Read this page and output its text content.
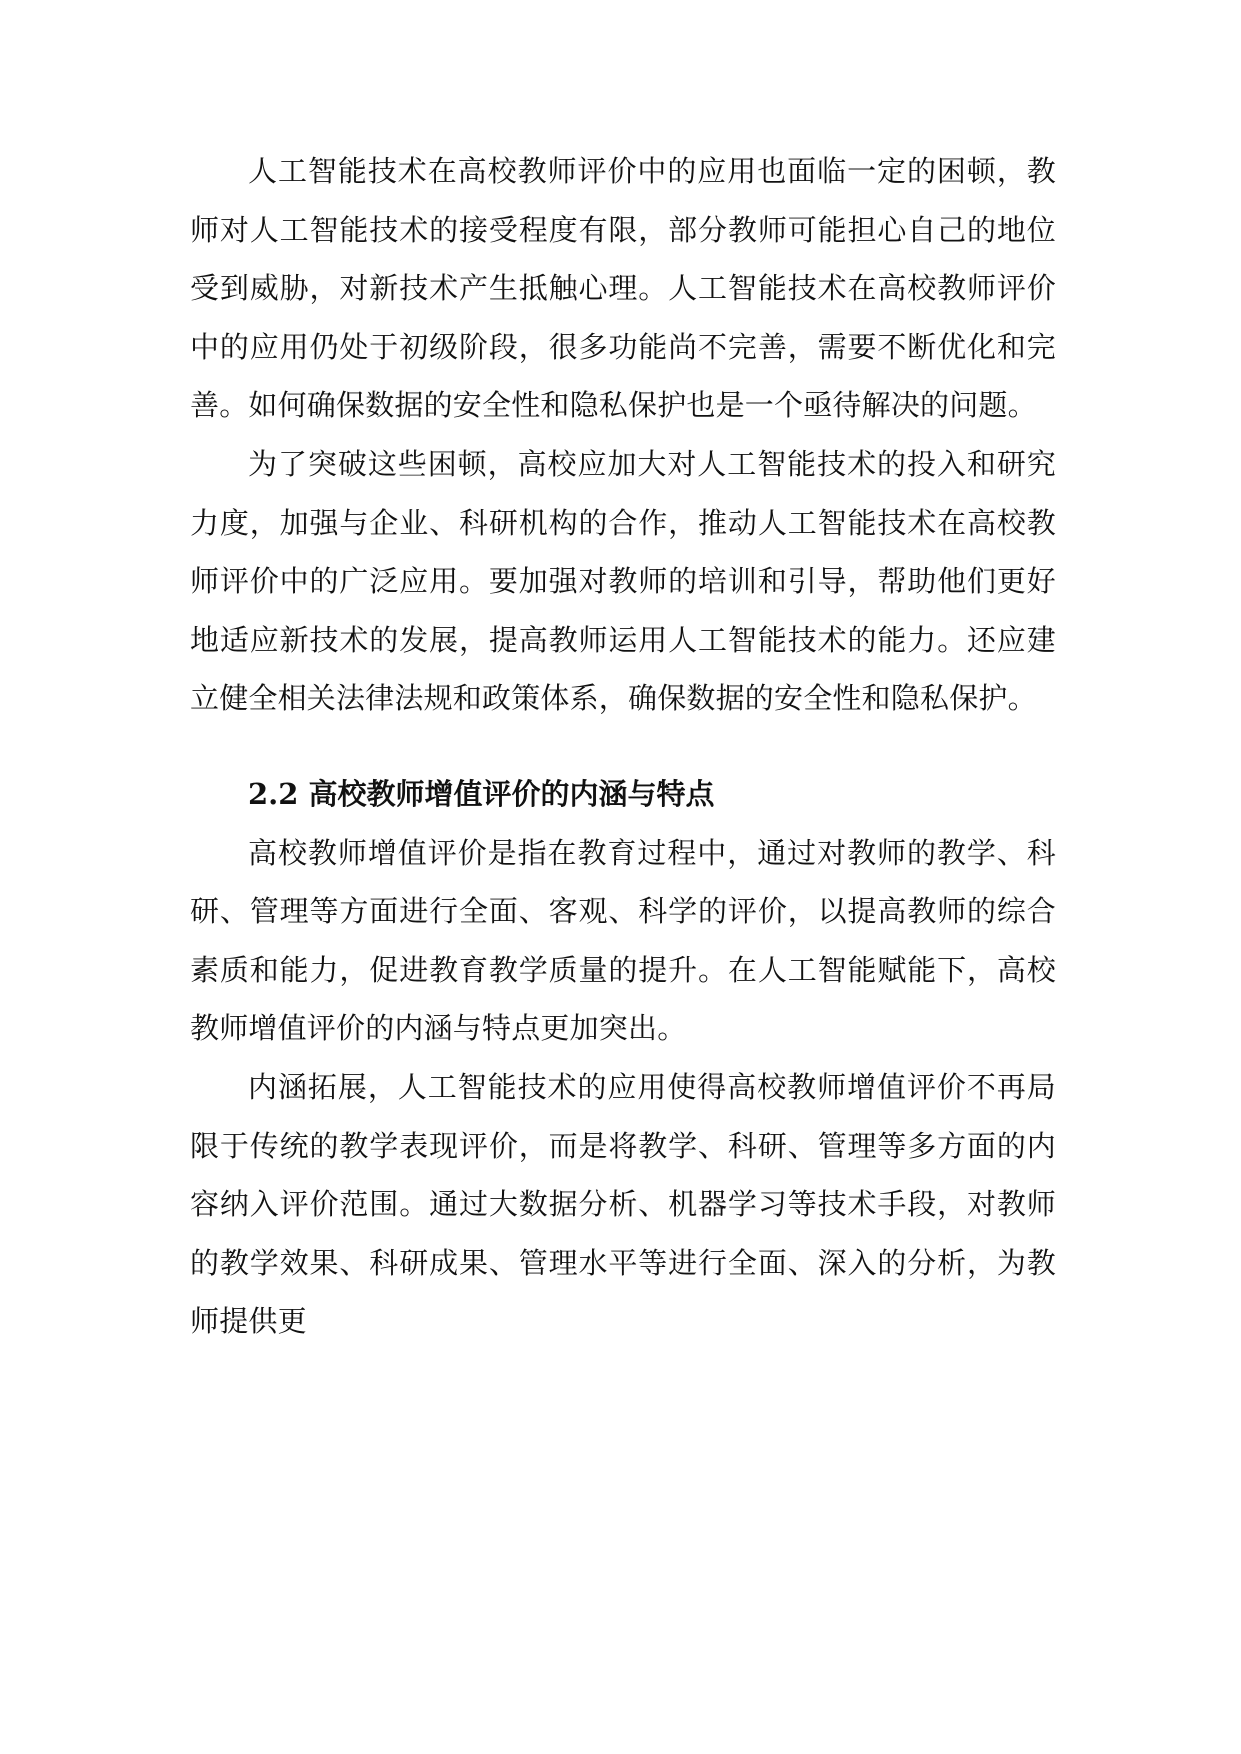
人工智能技术在高校教师评价中的应用也面临一定的困顿，教师对人工智能技术的接受程度有限，部分教师可能担心自己的地位受到威胁，对新技术产生抵触心理。人工智能技术在高校教师评价中的应用仍处于初级阶段，很多功能尚不完善，需要不断优化和完善。如何确保数据的安全性和隐私保护也是一个亟待解决的问题。

为了突破这些困顿，高校应加大对人工智能技术的投入和研究力度，加强与企业、科研机构的合作，推动人工智能技术在高校教师评价中的广泛应用。要加强对教师的培训和引导，帮助他们更好地适应新技术的发展，提高教师运用人工智能技术的能力。还应建立健全相关法律法规和政策体系，确保数据的安全性和隐私保护。

2.2 高校教师增值评价的内涵与特点

高校教师增值评价是指在教育过程中，通过对教师的教学、科研、管理等方面进行全面、客观、科学的评价，以提高教师的综合素质和能力，促进教育教学质量的提升。在人工智能赋能下，高校教师增值评价的内涵与特点更加突出。

内涵拓展，人工智能技术的应用使得高校教师增值评价不再局限于传统的教学表现评价，而是将教学、科研、管理等多方面的内容纳入评价范围。通过大数据分析、机器学习等技术手段，对教师的教学效果、科研成果、管理水平等进行全面、深入的分析，为教师提供更
